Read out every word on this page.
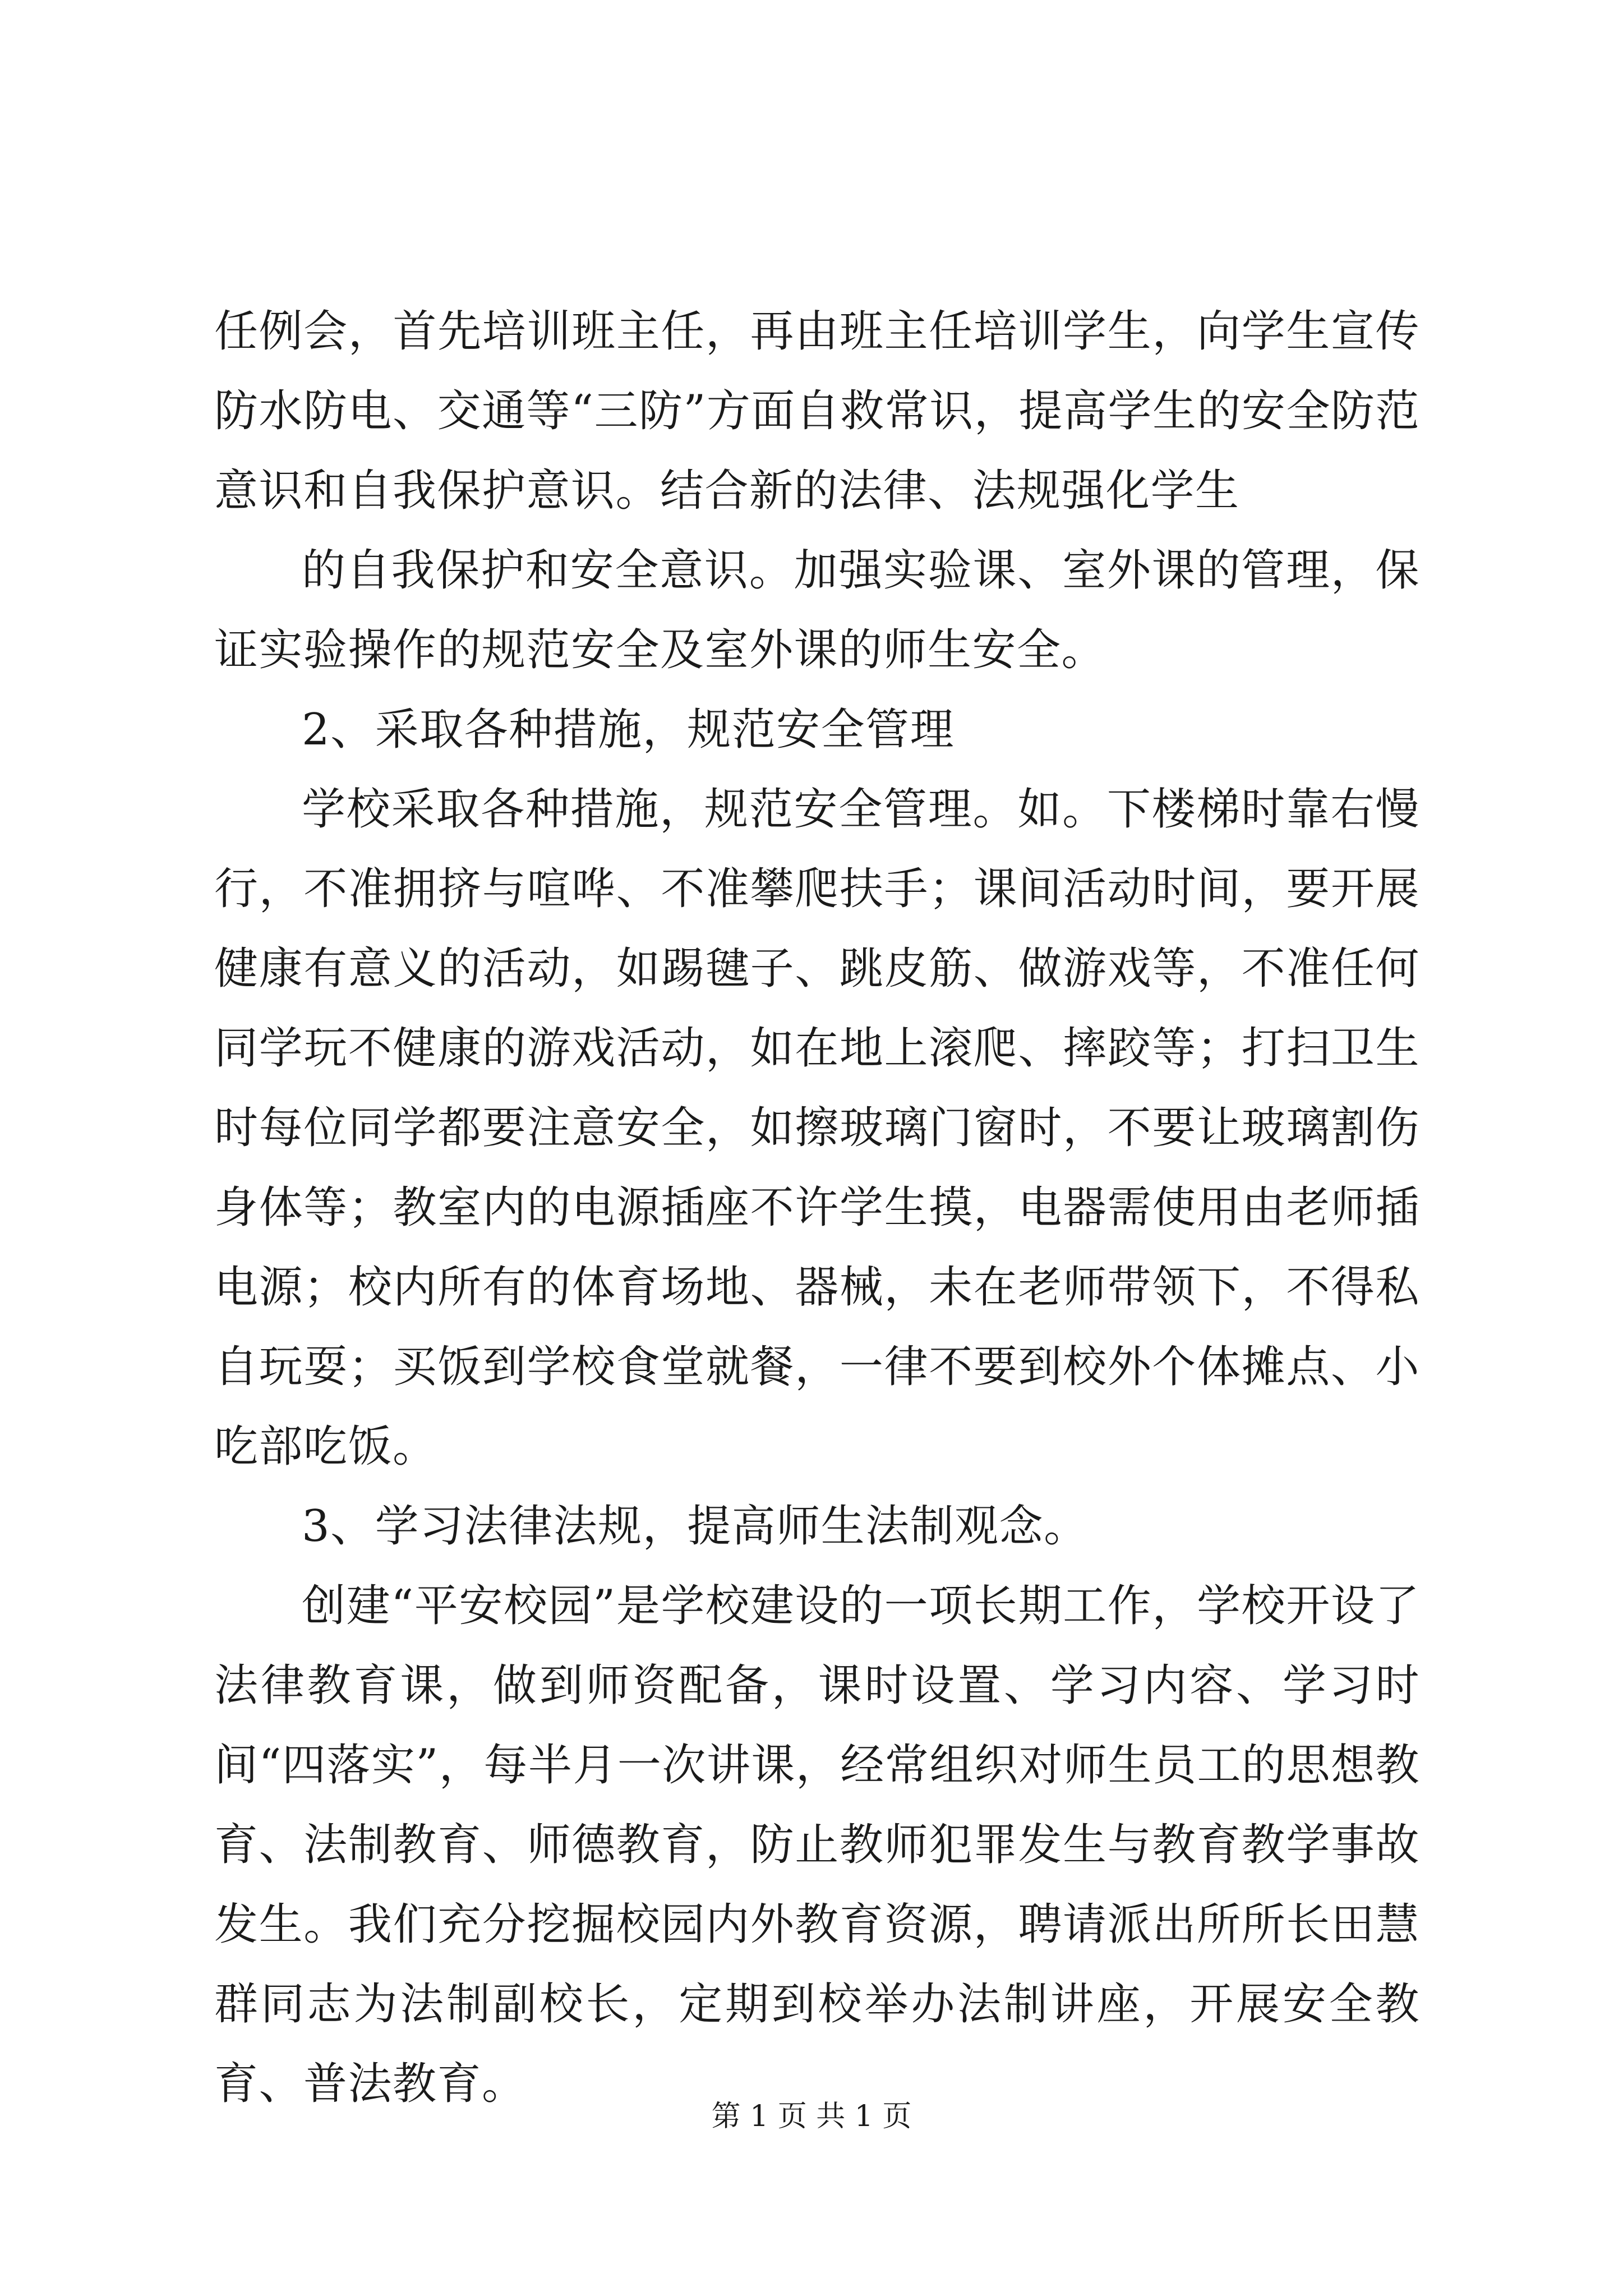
任例会，首先培训班主任，再由班主任培训学生，向学生宣传防水防电、交通等“三防”方面自救常识，提高学生的安全防范意识和自我保护意识。结合新的法律、法规强化学生

的自我保护和安全意识。加强实验课、室外课的管理，保证实验操作的规范安全及室外课的师生安全。

2、采取各种措施，规范安全管理

学校采取各种措施，规范安全管理。如。下楼梯时靠右慢行，不准拥挤与喧哗、不准攀爬扶手；课间活动时间，要开展健康有意义的活动，如踢毽子、跳皮筋、做游戏等，不准任何同学玩不健康的游戏活动，如在地上滚爬、摔跤等；打扫卫生时每位同学都要注意安全，如擦玻璃门窗时，不要让玻璃割伤身体等；教室内的电源插座不许学生摸，电器需使用由老师插电源；校内所有的体育场地、器械，未在老师带领下，不得私自玩耍；买饭到学校食堂就餐，一律不要到校外个体摊点、小吃部吃饭。

3、学习法律法规，提高师生法制观念。

创建“平安校园”是学校建设的一项长期工作，学校开设了法律教育课，做到师资配备，课时设置、学习内容、学习时间“四落实”，每半月一次讲课，经常组织对师生员工的思想教育、法制教育、师德教育，防止教师犯罪发生与教育教学事故发生。我们充分挖掘校园内外教育资源，聘请派出所所长田慧群同志为法制副校长，定期到校举办法制讲座，开展安全教育、普法教育。

第 1 页 共 1 页
